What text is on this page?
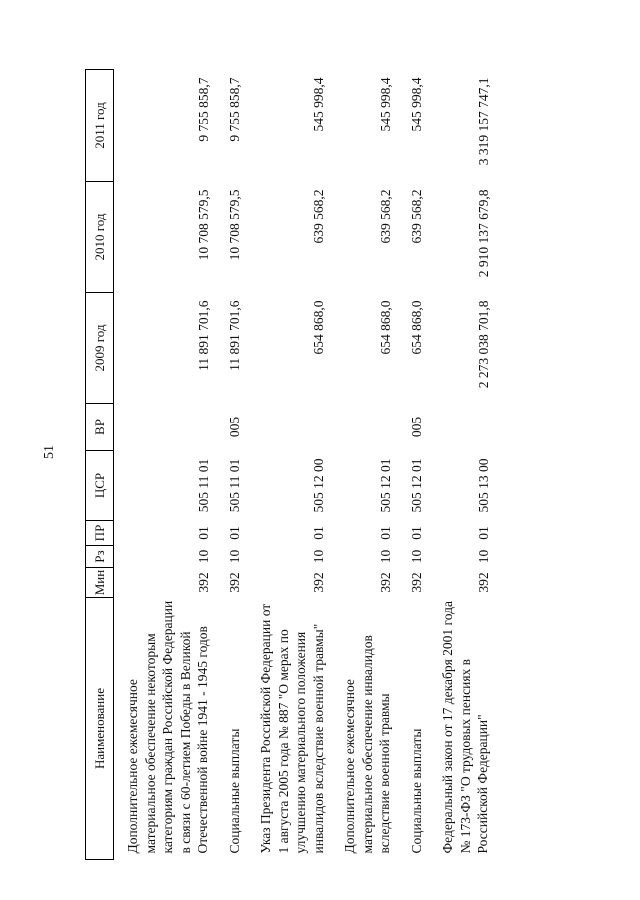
51
Наименование	Мин	Рз	ПР	ЦСР	ВР	2009 год	2010 год	2011 год
Дополнительное ежемесячное материальное обеспечение некоторым категориям граждан Российской Федерации в связи с 60-летием Победы в Великой Отечественной войне 1941 - 1945 годов	392	10	01	505 11 01		11 891 701,6	10 708 579,5	9 755 858,7

Социальные выплаты	392	10	01	505 11 01	005	11 891 701,6	10 708 579,5	9 755 858,7

Указ Президента Российской Федерации от 1 августа 2005 года № 887 "О мерах по улучшению материального положения инвалидов вследствие военной травмы"	392	10	01	505 12 00		654 868,0	639 568,2	545 998,4

Дополнительное ежемесячное материальное обеспечение инвалидов вследствие военной травмы	392	10	01	505 12 01		654 868,0	639 568,2	545 998,4

Социальные выплаты	392	10	01	505 12 01	005	654 868,0	639 568,2	545 998,4

Федеральный закон от 17 декабря 2001 года № 173-ФЗ "О трудовых пенсиях в Российской Федерации"	392	10	01	505 13 00		2 273 038 701,8	2 910 137 679,8	3 319 157 747,1
